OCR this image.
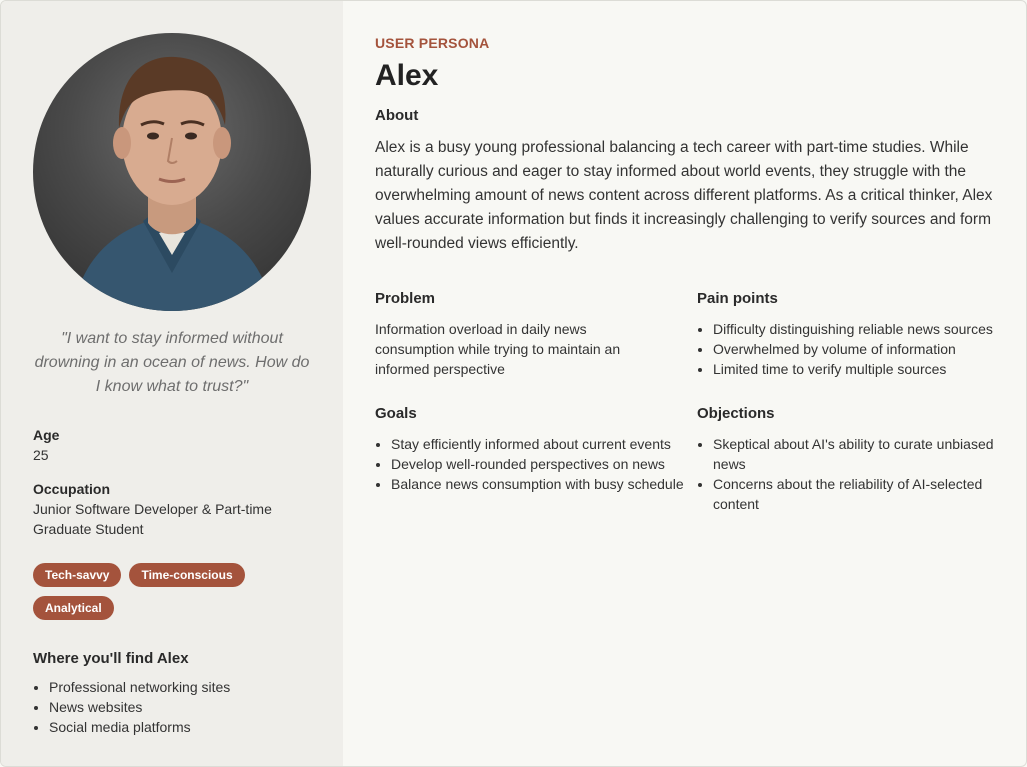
"I want to stay informed without drowning in an ocean of news. How do I know what to trust?"
Age
25
Occupation
Junior Software Developer & Part-time Graduate Student
Tech-savvy	Time-conscious
Analytical
Where you'll find Alex
• Professional networking sites
• News websites
• Social media platforms
USER PERSONA
Alex
About
Alex is a busy young professional balancing a tech career with part-time studies. While naturally curious and eager to stay informed about world events, they struggle with the overwhelming amount of news content across different platforms. As a critical thinker, Alex values accurate information but finds it increasingly challenging to verify sources and form well-rounded views efficiently.
Problem

Information overload in daily news consumption while trying to maintain an informed perspective

Pain points
• Difficulty distinguishing reliable news sources
• Overwhelmed by volume of information
• Limited time to verify multiple sources
Goals
• Stay efficiently informed about current events
• Develop well-rounded perspectives on news
• Balance news consumption with busy schedule
Objections
• Skeptical about AI's ability to curate unbiased news
• Concerns about the reliability of AI-selected content
